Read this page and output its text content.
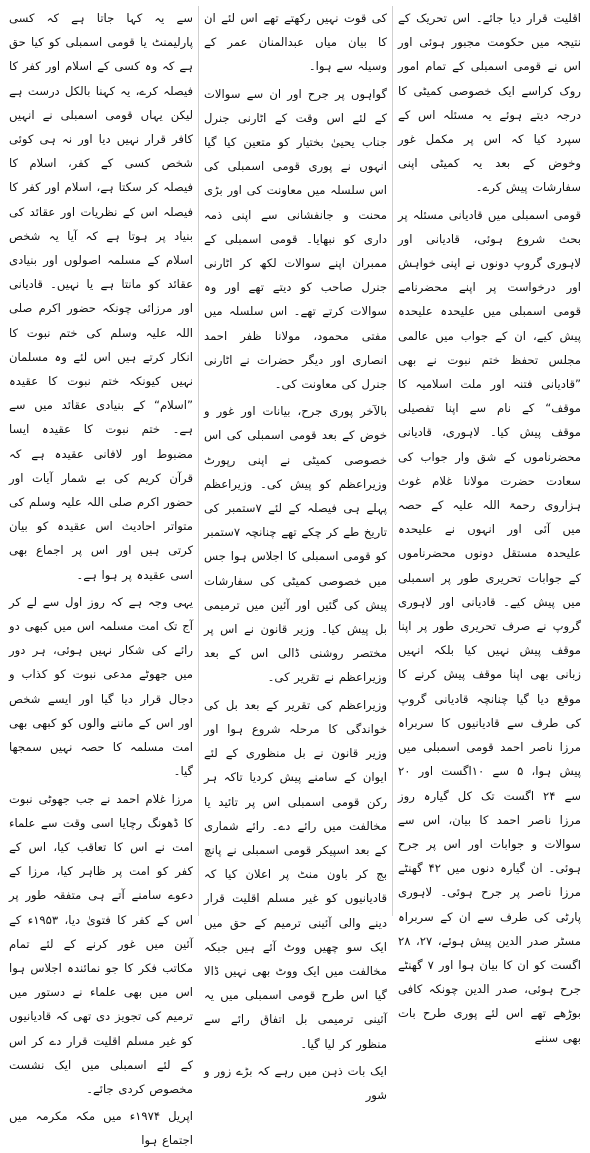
اقلیت قرار دیا جائے۔ اس تحریک کے نتیجہ میں حکومت مجبور ہوئی اور اس نے قومی اسمبلی کے تمام امور روک کراسے ایک خصوصی کمیٹی کا درجہ دیتے ہوئے یہ مسئلہ اس کے سپرد کیا کہ اس پر مکمل غور وخوض کے بعد یہ کمیٹی اپنی سفارشات پیش کرے۔

قومی اسمبلی میں قادیانی مسئلہ پر بحث شروع ہوئی، قادیانی اور لاہوری گروپ دونوں نے اپنی خواہش اور درخواست پر اپنے محضرنامے قومی اسمبلی میں علیحدہ علیحدہ پیش کیے، ان کے جواب میں عالمی مجلس تحفظ ختم نبوت نے بھی ”قادیانی فتنہ اور ملت اسلامیہ کا موقف“ کے نام سے اپنا تفصیلی موقف پیش کیا۔ لاہوری، قادیانی محضرناموں کے شق وار جواب کی سعادت حضرت مولانا غلام غوث ہزاروی رحمۃ اللہ علیہ کے حصہ میں آئی اور انہوں نے علیحدہ علیحدہ مستقل دونوں محضرناموں کے جوابات تحریری طور پر اسمبلی میں پیش کیے۔ قادیانی اور لاہوری گروپ نے صرف تحریری طور پر اپنا موقف پیش نہیں کیا بلکہ انہیں زبانی بھی اپنا موقف پیش کرنے کا موقع دیا گیا چنانچہ قادیانی گروپ کی طرف سے قادیانیوں کا سربراہ مرزا ناصر احمد قومی اسمبلی میں پیش ہوا، ۵ سے ۱۰اگست اور ۲۰ سے ۲۴ اگست تک کل گیارہ روز مرزا ناصر احمد کا بیان، اس سے سوالات و جوابات اور اس پر جرح ہوئی۔ ان گیارہ دنوں میں ۴۲ گھنٹے مرزا ناصر پر جرح ہوئی۔ لاہوری پارٹی کی طرف سے ان کے سربراہ مسٹر صدر الدین پیش ہوئے، ۲۷، ۲۸ اگست کو ان کا بیان ہوا اور ۷ گھنٹے جرح ہوئی، صدر الدین چونکہ کافی بوڑھے تھے اس لئے پوری طرح بات بھی سننے

کی قوت نہیں رکھتے تھے اس لئے ان کا بیان میاں عبدالمنان عمر کے وسیلہ سے ہوا۔

گواہوں پر جرح اور ان سے سوالات کے لئے اس وقت کے اٹارنی جنرل جناب یحییٰ بختیار کو متعین کیا گیا انہوں نے پوری قومی اسمبلی کی اس سلسلہ میں معاونت کی اور بڑی محنت و جانفشانی سے اپنی ذمہ داری کو نبھایا۔ قومی اسمبلی کے ممبران اپنے سوالات لکھ کر اٹارنی جنرل صاحب کو دیتے تھے اور وہ سوالات کرتے تھے۔ اس سلسلہ میں مفتی محمود، مولانا ظفر احمد انصاری اور دیگر حضرات نے اٹارنی جنرل کی معاونت کی۔

بالآخر پوری جرح، بیانات اور غور و خوض کے بعد قومی اسمبلی کی اس خصوصی کمیٹی نے اپنی رپورٹ وزیراعظم کو پیش کی۔ وزیراعظم پہلے ہی فیصلہ کے لئے ۷ستمبر کی تاریخ طے کر چکے تھے چنانچہ ۷ستمبر کو قومی اسمبلی کا اجلاس ہوا جس میں خصوصی کمیٹی کی سفارشات پیش کی گئیں اور آئین میں ترمیمی بل پیش کیا۔ وزیر قانون نے اس پر مختصر روشنی ڈالی اس کے بعد وزیراعظم نے تقریر کی۔

وزیراعظم کی تقریر کے بعد بل کی خواندگی کا مرحلہ شروع ہوا اور وزیر قانون نے بل منظوری کے لئے ایوان کے سامنے پیش کردیا تاکہ ہر رکن قومی اسمبلی اس پر تائید یا مخالفت میں رائے دے۔ رائے شماری کے بعد اسپیکر قومی اسمبلی نے پانچ بج کر باون منٹ پر اعلان کیا کہ قادیانیوں کو غیر مسلم اقلیت قرار دینے والی آئینی ترمیم کے حق میں ایک سو چھیں ووٹ آئے ہیں جبکہ مخالفت میں ایک ووٹ بھی نہیں ڈالا گیا اس طرح قومی اسمبلی میں یہ آئینی ترمیمی بل اتفاق رائے سے منظور کر لیا گیا۔

ایک بات ذہن میں رہے کہ بڑے زور و شور

سے یہ کہا جاتا ہے کہ کسی پارلیمنٹ یا قومی اسمبلی کو کیا حق ہے کہ وہ کسی کے اسلام اور کفر کا فیصلہ کرے، یہ کہنا بالکل درست ہے لیکن یہاں قومی اسمبلی نے انہیں کافر قرار نہیں دیا اور نہ ہی کوئی شخص کسی کے کفر، اسلام کا فیصلہ کر سکتا ہے، اسلام اور کفر کا فیصلہ اس کے نظریات اور عقائد کی بنیاد پر ہوتا ہے کہ آیا یہ شخص اسلام کے مسلمہ اصولوں اور بنیادی عقائد کو مانتا ہے یا نہیں۔ قادیانی اور مرزائی چونکہ حضور اکرم صلی اللہ علیہ وسلم کی ختم نبوت کا انکار کرتے ہیں اس لئے وہ مسلمان نہیں کیونکہ ختم نبوت کا عقیدہ ”اسلام“ کے بنیادی عقائد میں سے ہے۔ ختم نبوت کا عقیدہ ایسا مضبوط اور لافانی عقیدہ ہے کہ قرآن کریم کی بے شمار آیات اور حضور اکرم صلی اللہ علیہ وسلم کی متواتر احادیث اس عقیدہ کو بیان کرتی ہیں اور اس پر اجماع بھی اسی عقیدہ پر ہوا ہے۔

یہی وجہ ہے کہ روز اول سے لے کر آج تک امت مسلمہ اس میں کبھی دو رائے کی شکار نہیں ہوئی، ہر دور میں جھوٹے مدعی نبوت کو کذاب و دجال قرار دیا گیا اور ایسے شخص اور اس کے ماننے والوں کو کبھی بھی امت مسلمہ کا حصہ نہیں سمجھا گیا۔

مرزا غلام احمد نے جب جھوٹی نبوت کا ڈھونگ رچایا اسی وقت سے علماء امت نے اس کا تعاقب کیا، اس کے کفر کو امت پر ظاہر کیا، مرزا کے دعوے سامنے آتے ہی متفقہ طور پر اس کے کفر کا فتویٰ دیا، ۱۹۵۳ء کے آئین میں غور کرنے کے لئے تمام مکاتب فکر کا جو نمائندہ اجلاس ہوا اس میں بھی علماء نے دستور میں ترمیم کی تجویز دی تھی کہ قادیانیوں کو غیر مسلم اقلیت قرار دے کر اس کے لئے اسمبلی میں ایک نشست مخصوص کردی جائے۔

اپریل ۱۹۷۴ء میں مکہ مکرمہ میں اجتماع ہوا
